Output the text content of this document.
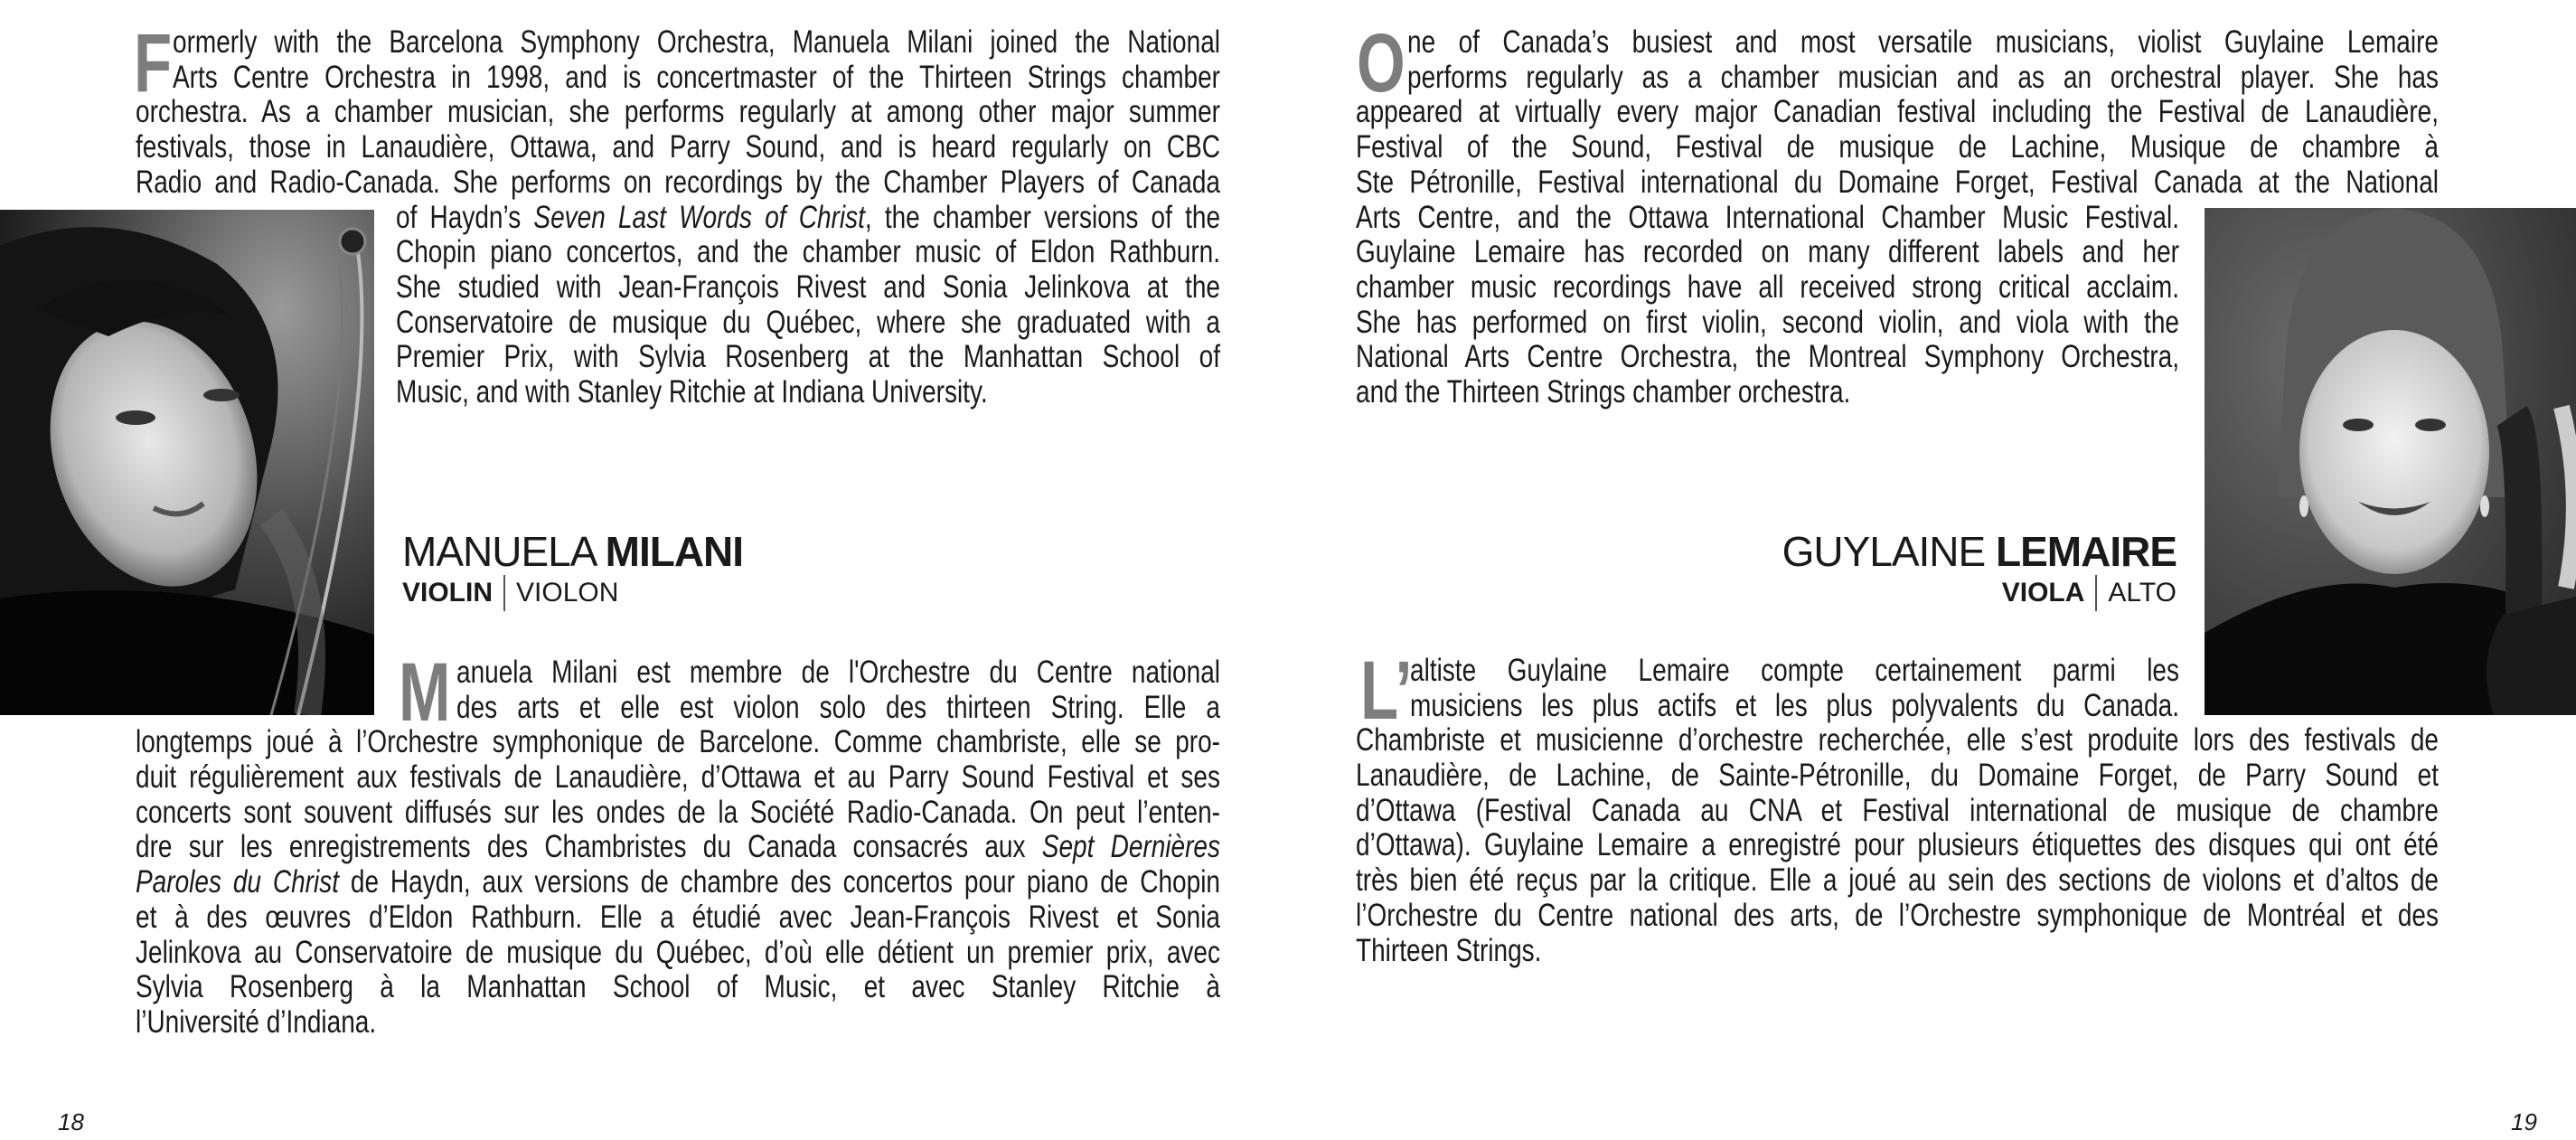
F ormerly with the Barcelona Symphony Orchestra, Manuela Milani joined the National
Arts Centre Orchestra in 1998, and is concertmaster of the Thirteen Strings chamber
orchestra. As a chamber musician, she performs regularly at among other major summer
festivals, those in Lanaudière, Ottawa, and Parry Sound, and is heard regularly on CBC
Radio and Radio-Canada. She performs on recordings by the Chamber Players of Canada
of Haydn’s Seven Last Words of Christ, the chamber versions of the
Chopin piano concertos, and the chamber music of Eldon Rathburn.
She studied with Jean-François Rivest and Sonia Jelinkova at the
Conservatoire de musique du Québec, where she graduated with a
Premier Prix, with Sylvia Rosenberg at the Manhattan School of
Music, and with Stanley Ritchie at Indiana University.
MANUELA MILANI
VIOLIN VIOLON
M anuela Milani est membre de l'Orchestre du Centre national
des arts et elle est violon solo des thirteen String. Elle a
longtemps joué à l’Orchestre symphonique de Barcelone. Comme chambriste, elle se pro-
duit régulièrement aux festivals de Lanaudière, d’Ottawa et au Parry Sound Festival et ses
concerts sont souvent diffusés sur les ondes de la Société Radio-Canada. On peut l’enten-
dre sur les enregistrements des Chambristes du Canada consacrés aux Sept Dernières
Paroles du Christ de Haydn, aux versions de chambre des concertos pour piano de Chopin
et à des œuvres d’Eldon Rathburn. Elle a étudié avec Jean-François Rivest et Sonia
Jelinkova au Conservatoire de musique du Québec, d’où elle détient un premier prix, avec
Sylvia Rosenberg à la Manhattan School of Music, et avec Stanley Ritchie à
l’Université d’Indiana.
18
O ne of Canada’s busiest and most versatile musicians, violist Guylaine Lemaire
performs regularly as a chamber musician and as an orchestral player. She has
appeared at virtually every major Canadian festival including the Festival de Lanaudière,
Festival of the Sound, Festival de musique de Lachine, Musique de chambre à
Ste Pétronille, Festival international du Domaine Forget, Festival Canada at the National
Arts Centre, and the Ottawa International Chamber Music Festival.
Guylaine Lemaire has recorded on many different labels and her
chamber music recordings have all received strong critical acclaim.
She has performed on first violin, second violin, and viola with the
National Arts Centre Orchestra, the Montreal Symphony Orchestra,
and the Thirteen Strings chamber orchestra.
GUYLAINE LEMAIRE
VIOLA ALTO
L’
altiste Guylaine Lemaire compte certainement parmi les
musiciens les plus actifs et les plus polyvalents du Canada.
Chambriste et musicienne d’orchestre recherchée, elle s’est produite lors des festivals de
Lanaudière, de Lachine, de Sainte-Pétronille, du Domaine Forget, de Parry Sound et
d’Ottawa (Festival Canada au CNA et Festival international de musique de chambre
d’Ottawa). Guylaine Lemaire a enregistré pour plusieurs étiquettes des disques qui ont été
très bien été reçus par la critique. Elle a joué au sein des sections de violons et d’altos de
l’Orchestre du Centre national des arts, de l’Orchestre symphonique de Montréal et des
Thirteen Strings.
19
